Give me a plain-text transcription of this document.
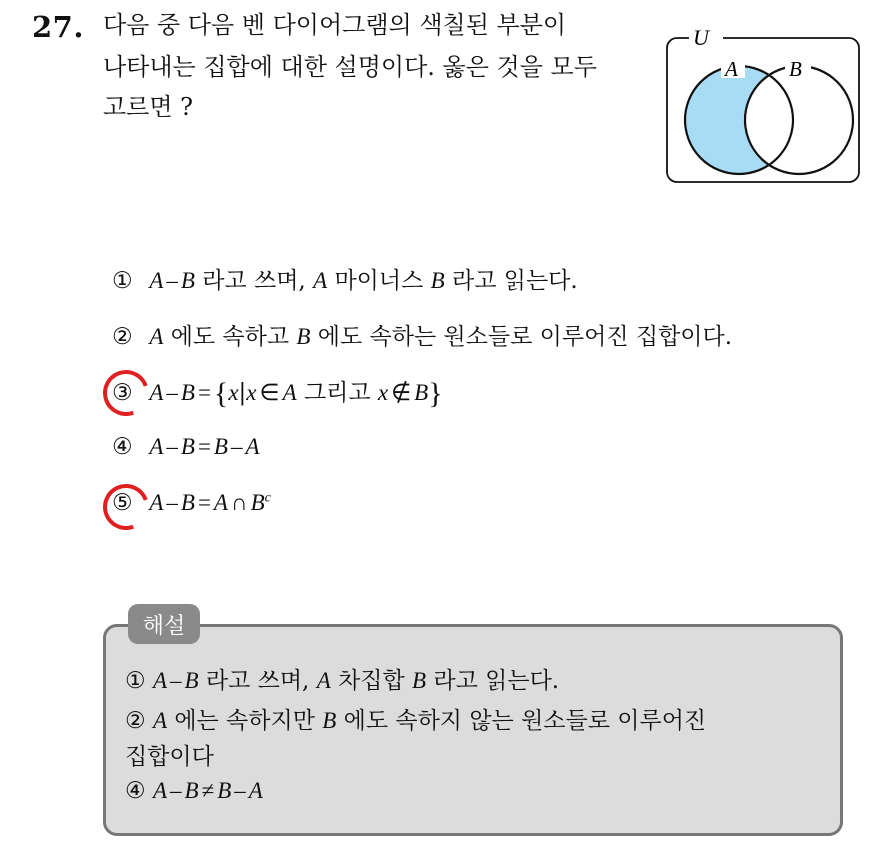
27. 다음 중 다음 벤 다이어그램의 색칠된 부분이
나타내는 집합에 대한 설명이다. 옳은 것을 모두
고르면 ?
U
A B
① A – B 라고 쓰며, A 마이너스 B 라고 읽는다.
② A 에도 속하고 B 에도 속하는 원소들로 이루어진 집합이다.
③ A – B = {x|x ∈ A 그리고 x ∉ B}
④ A – B = B – A
⑤ A – B = A ∩ $B^c$
해설
① A – B 라고 쓰며, A 차집합 B 라고 읽는다.
② A 에는 속하지만 B 에도 속하지 않는 원소들로 이루어진
집합이다
④ A – B ≠ B – A
